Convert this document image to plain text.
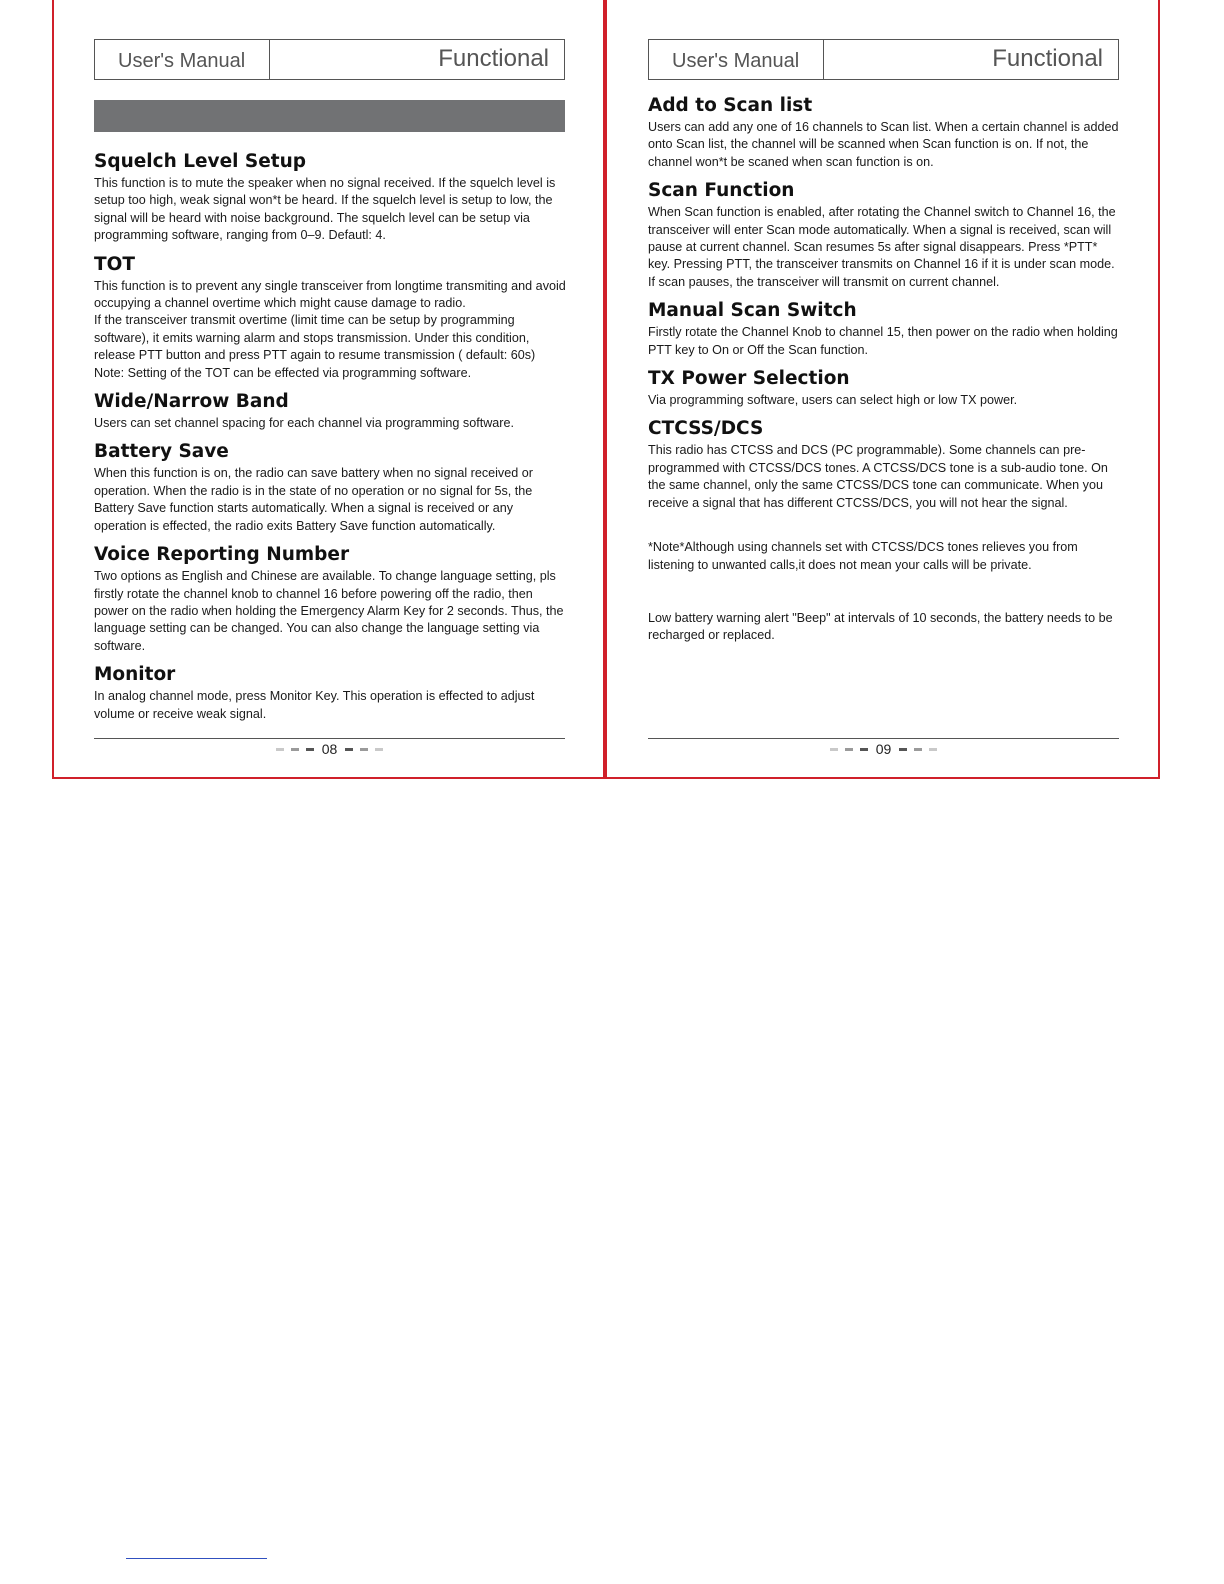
User's Manual	Functional
Squelch Level Setup

This function is to mute the speaker when no signal received. If the squelch level is setup too high, weak signal won*t be heard. If the squelch level is setup to low, the signal will be heard with noise background. The squelch level can be setup via programming software, ranging from 0–9. Defautl: 4.

TOT

This function is to prevent any single transceiver from longtime transmiting and avoid occupying a channel overtime which might cause damage to radio.

If the transceiver transmit overtime (limit time can be setup by programming software), it emits warning alarm and stops transmission. Under this condition, release PTT button and press PTT again to resume transmission ( default: 60s)

Note: Setting of the TOT can be effected via programming software.

Wide/Narrow Band

Users can set channel spacing for each channel via programming software.

Battery Save

When this function is on, the radio can save battery when no signal received or operation. When the radio is in the state of no operation or no signal for 5s, the Battery Save function starts automatically. When a signal is received or any operation is effected, the radio exits Battery Save function automatically.

Voice Reporting Number

Two options as English and Chinese are available. To change language setting, pls firstly rotate the channel knob to channel 16 before powering off the radio, then power on the radio when holding the Emergency Alarm Key for 2 seconds. Thus, the language setting can be changed. You can also change the language setting via software.

Monitor

In analog channel mode, press Monitor Key. This operation is effected to adjust volume or receive weak signal.

08
User's Manual	Functional
Add to Scan list

Users can add any one of 16 channels to Scan list. When a certain channel is added onto Scan list, the channel will be scanned when Scan function is on. If not, the channel won*t be scaned when scan function is on.

Scan Function

When Scan function is enabled, after rotating the Channel switch to Channel 16, the transceiver will enter Scan mode automatically. When a signal is received, scan will pause at current channel. Scan resumes 5s after signal disappears. Press *PTT* key. Pressing PTT, the transceiver transmits on Channel 16 if it is under scan mode. If scan pauses, the transceiver will transmit on current channel.

Manual Scan Switch

Firstly rotate the Channel Knob to channel 15, then power on the radio when holding PTT key to On or Off the Scan function.

TX Power Selection

Via programming software, users can select high or low TX power.

CTCSS/DCS

This radio has CTCSS and DCS (PC programmable). Some channels can pre-programmed with CTCSS/DCS tones. A CTCSS/DCS tone is a sub-audio tone. On the same channel, only the same CTCSS/DCS tone can communicate. When you receive a signal that has different CTCSS/DCS, you will not hear the signal.

*Note*Although using channels set with CTCSS/DCS tones relieves you from listening to unwanted calls,it does not mean your calls will be private.

Low battery warning alert "Beep" at intervals of 10 seconds, the battery needs to be recharged or replaced.

09
